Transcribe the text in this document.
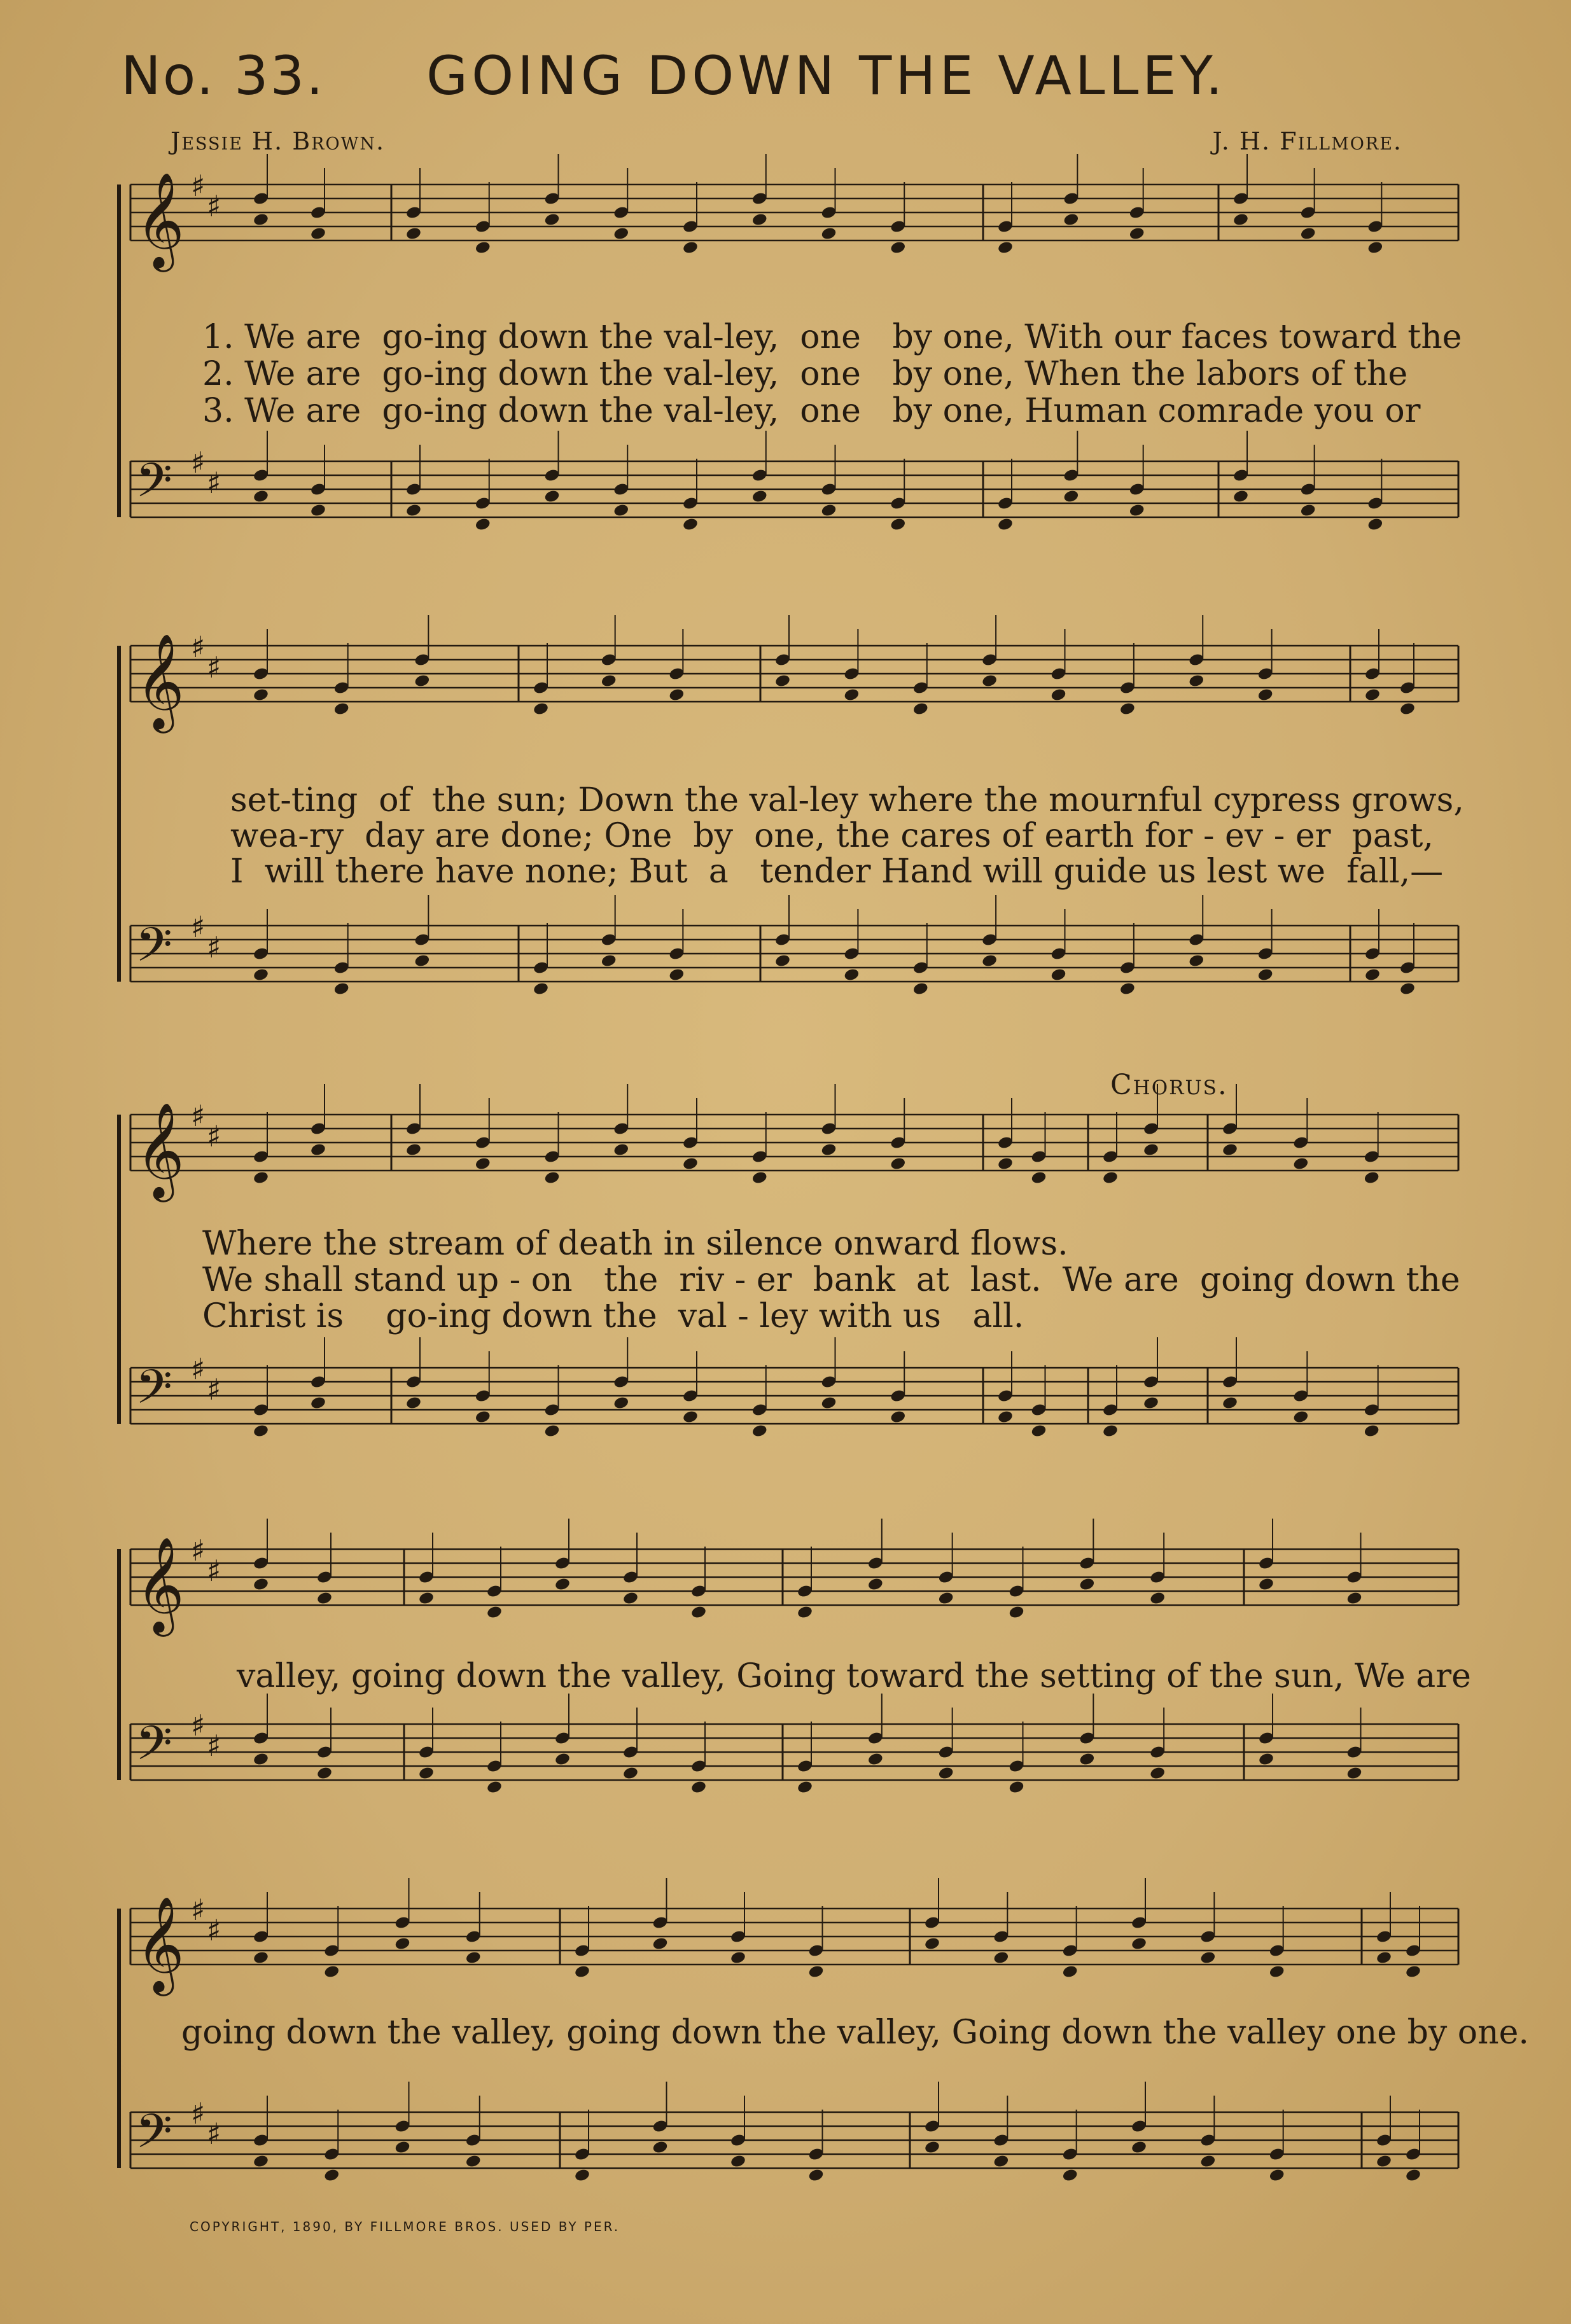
No. 33. GOING DOWN THE VALLEY.
Jessie H. Brown.	J. H. Fillmore.
𝄞 ♯
♯
𝄢 ♯
♯
𝄞 ♯
♯
𝄢 ♯
♯
𝄞 ♯
♯
𝄢 ♯
♯
𝄞 ♯
♯
𝄢 ♯
♯
𝄞 ♯
♯
𝄢 ♯
♯
1. We are  go-ing down the val-ley,  one   by one, With our faces toward the
2. We are  go-ing down the val-ley,  one   by one, When the labors of the
3. We are  go-ing down the val-ley,  one   by one, Human comrade you or
set-ting  of  the sun; Down the val-ley where the mournful cypress grows,
wea-ry  day are done; One  by  one, the cares of earth for - ev - er  past,
I  will there have none; But  a   tender Hand will guide us lest we  fall,—
Chorus.
Where the stream of death in silence onward flows.
We shall stand up - on   the  riv - er  bank  at  last.  We are  going down the
Christ is    go-ing down the  val - ley with us   all.
valley, going down the valley, Going toward the setting of the sun, We are
going down the valley, going down the valley, Going down the valley one by one.
COPYRIGHT, 1890, BY FILLMORE BROS. USED BY PER.
